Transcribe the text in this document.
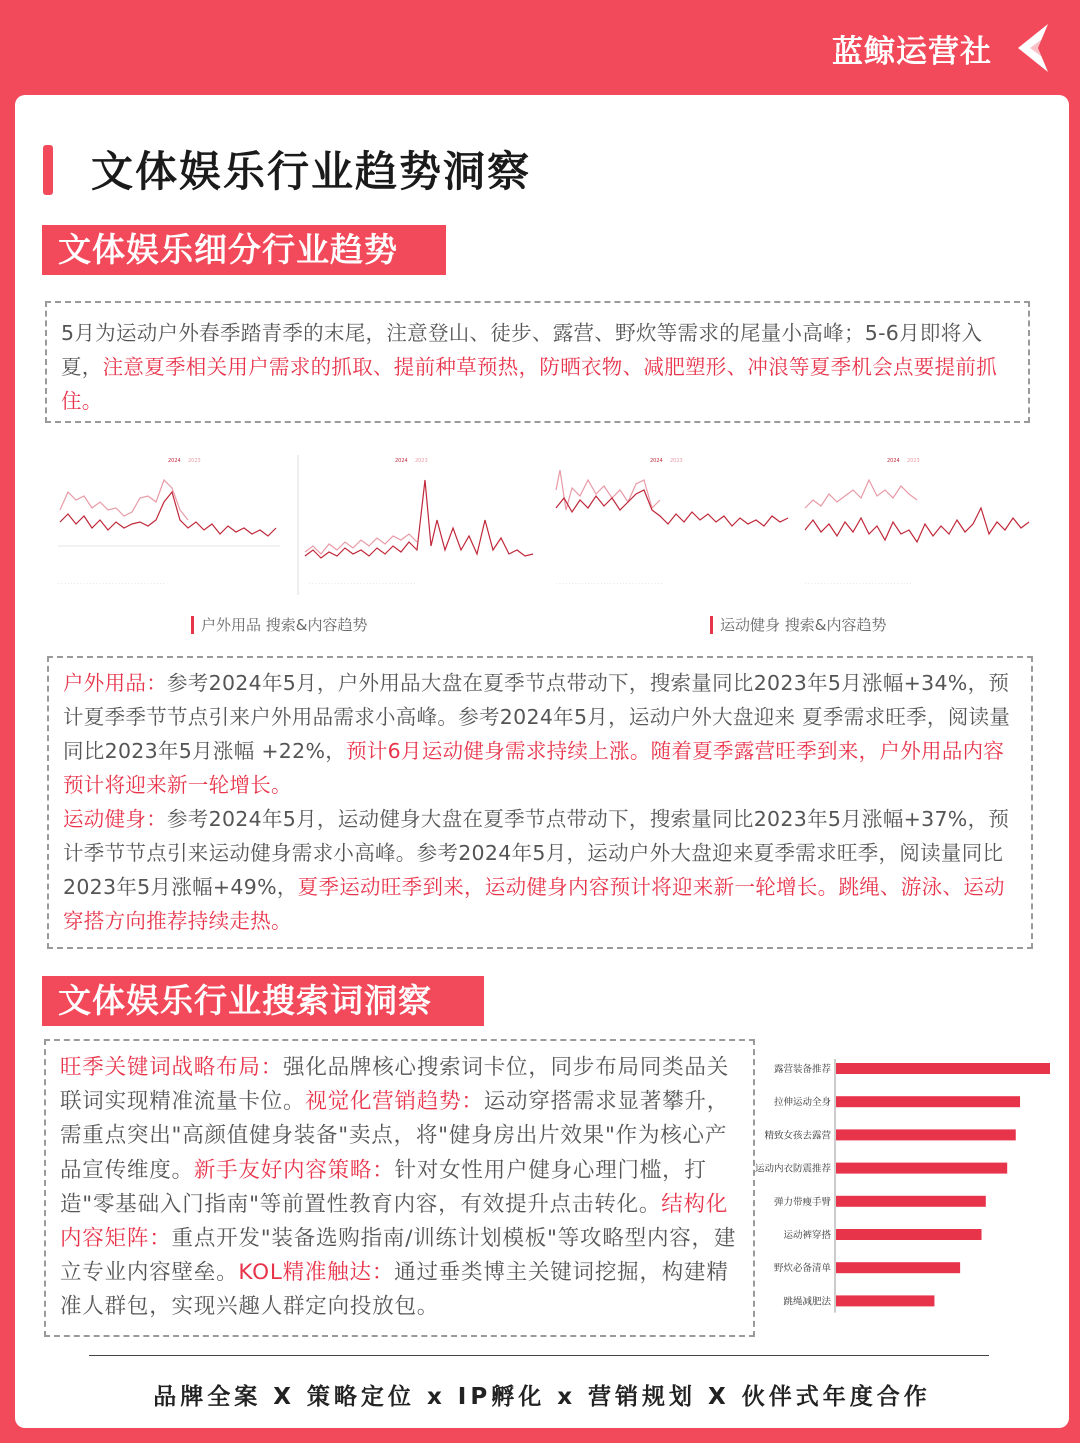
蓝鲸运营社
文体娱乐行业趋势洞察
文体娱乐细分行业趋势

5月为运动户外春季踏青季的末尾，注意登山、徒步、露营、野炊等需求的尾量小高峰；5-6月即将入夏，注意夏季相关用户需求的抓取、提前种草预热，防晒衣物、减肥塑形、冲浪等夏季机会点要提前抓住。

2024 2023
· · · · · · · · · · · · · · · · · · · · · · · · · · · · · · · · · ·
2024 2023
· · · · · · · · · · · · · · · · · · · · · · · · · · · · · · · · · ·
2024 2023
· · · · · · · · · · · · · · · · · · · · · · · · · · · · · · · · · ·
2024 2023
· · · · · · · · · · · · · · · · · · · · · · · · · · · · · · · · · ·
户外用品 搜索&内容趋势	运动健身 搜索&内容趋势

户外用品：参考2024年5月，户外用品大盘在夏季节点带动下，搜索量同比2023年5月涨幅+34%，预计夏季季节节点引来户外用品需求小高峰。参考2024年5月，运动户外大盘迎来 夏季需求旺季，阅读量同比2023年5月涨幅 +22%，预计6月运动健身需求持续上涨。随着夏季露营旺季到来，户外用品内容预计将迎来新一轮增长。

运动健身：参考2024年5月，运动健身大盘在夏季节点带动下，搜索量同比2023年5月涨幅+37%，预计季节节点引来运动健身需求小高峰。参考2024年5月，运动户外大盘迎来夏季需求旺季，阅读量同比2023年5月涨幅+49%，夏季运动旺季到来，运动健身内容预计将迎来新一轮增长。跳绳、游泳、运动穿搭方向推荐持续走热。

文体娱乐行业搜索词洞察

旺季关键词战略布局：强化品牌核心搜索词卡位，同步布局同类品关联词实现精准流量卡位。视觉化营销趋势：运动穿搭需求显著攀升，需重点突出"高颜值健身装备"卖点，将"健身房出片效果"作为核心产品宣传维度。新手友好内容策略：针对女性用户健身心理门槛，打造"零基础入门指南"等前置性教育内容，有效提升点击转化。结构化内容矩阵：重点开发"装备选购指南/训练计划模板"等攻略型内容，建立专业内容壁垒。KOL精准触达：通过垂类博主关键词挖掘，构建精准人群包，实现兴趣人群定向投放包。

露营装备推荐
拉伸运动全身
精致女孩去露营
运动内衣防震推荐
弹力带瘦手臂
运动裤穿搭
野炊必备清单
跳绳减肥法
品牌全案 X 策略定位 x IP孵化 x 营销规划 X 伙伴式年度合作
